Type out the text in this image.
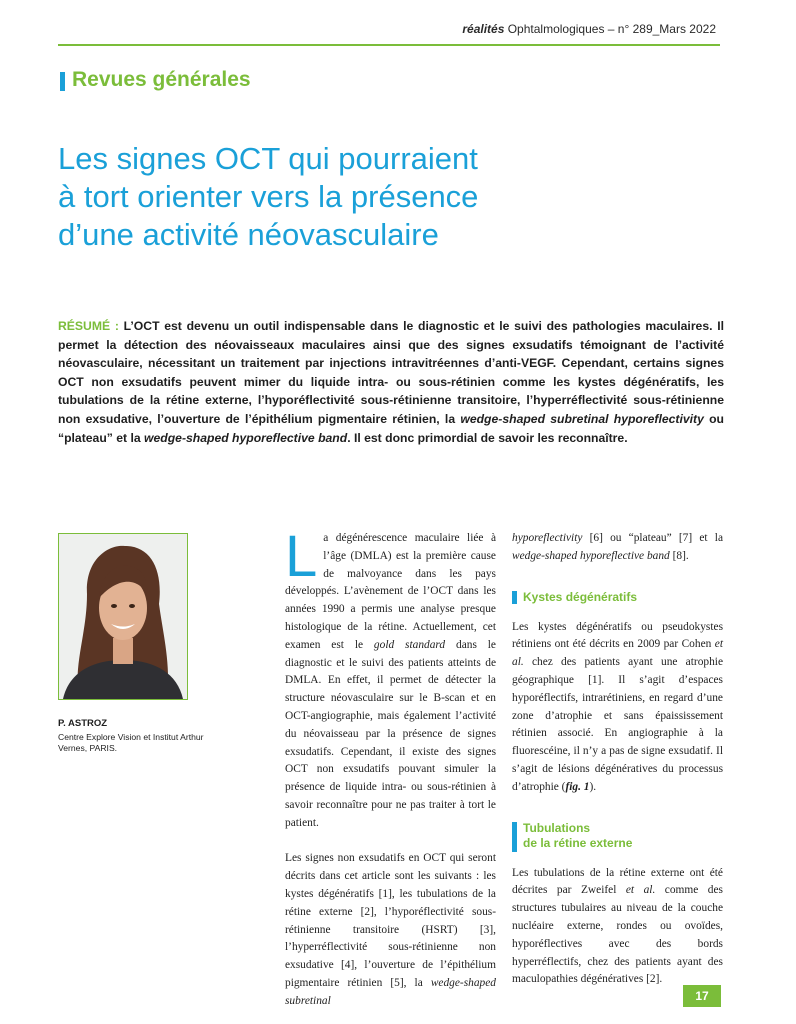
réalités Ophtalmologiques – n° 289_Mars 2022
Revues générales
Les signes OCT qui pourraient
à tort orienter vers la présence
d’une activité néovasculaire
RÉSUMÉ : L’OCT est devenu un outil indispensable dans le diagnostic et le suivi des pathologies maculaires. Il permet la détection des néovaisseaux maculaires ainsi que des signes exsudatifs témoignant de l’activité néovasculaire, nécessitant un traitement par injections intravitréennes d’anti-VEGF. Cependant, certains signes OCT non exsudatifs peuvent mimer du liquide intra- ou sous-rétinien comme les kystes dégénératifs, les tubulations de la rétine externe, l’hyporéflectivité sous-rétinienne transitoire, l’hyperréflectivité sous-rétinienne non exsudative, l’ouverture de l’épithélium pigmentaire rétinien, la wedge-shaped subretinal hyporeflectivity ou “plateau” et la wedge-shaped hyporeflective band. Il est donc primordial de savoir les reconnaître.
P. ASTROZ
Centre Explore Vision et Institut Arthur Vernes, PARIS.

La dégénérescence maculaire liée à l’âge (DMLA) est la première cause de malvoyance dans les pays développés. L’avènement de l’OCT dans les années 1990 a permis une analyse presque histologique de la rétine. Actuellement, cet examen est le gold standard dans le diagnostic et le suivi des patients atteints de DMLA. En effet, il permet de détecter la structure néovasculaire sur le B-scan et en OCT-angiographie, mais également l’activité du néovaisseau par la présence de signes exsudatifs. Cependant, il existe des signes OCT non exsudatifs pouvant simuler la présence de liquide intra- ou sous-rétinien à savoir reconnaître pour ne pas traiter à tort le patient.

Les signes non exsudatifs en OCT qui seront décrits dans cet article sont les suivants : les kystes dégénératifs [1], les tubulations de la rétine externe [2], l’hyporéflectivité sous-rétinienne transitoire (HSRT) [3], l’hyperréflectivité sous-rétinienne non exsudative [4], l’ouverture de l’épithélium pigmentaire rétinien [5], la wedge-shaped subretinal

hyporeflectivity [6] ou “plateau” [7] et la wedge-shaped hyporeflective band [8].

Kystes dégénératifs

Les kystes dégénératifs ou pseudokystes rétiniens ont été décrits en 2009 par Cohen et al. chez des patients ayant une atrophie géographique [1]. Il s’agit d’espaces hyporéflectifs, intrarétiniens, en regard d’une zone d’atrophie et sans épaississement rétinien associé. En angiographie à la fluorescéine, il n’y a pas de signe exsudatif. Il s’agit de lésions dégénératives du processus d’atrophie (fig. 1).

Tubulations
de la rétine externe

Les tubulations de la rétine externe ont été décrites par Zweifel et al. comme des structures tubulaires au niveau de la couche nucléaire externe, rondes ou ovoïdes, hyporéflectives avec des bords hyperréflectifs, chez des patients ayant des maculopathies dégénératives [2].

17
